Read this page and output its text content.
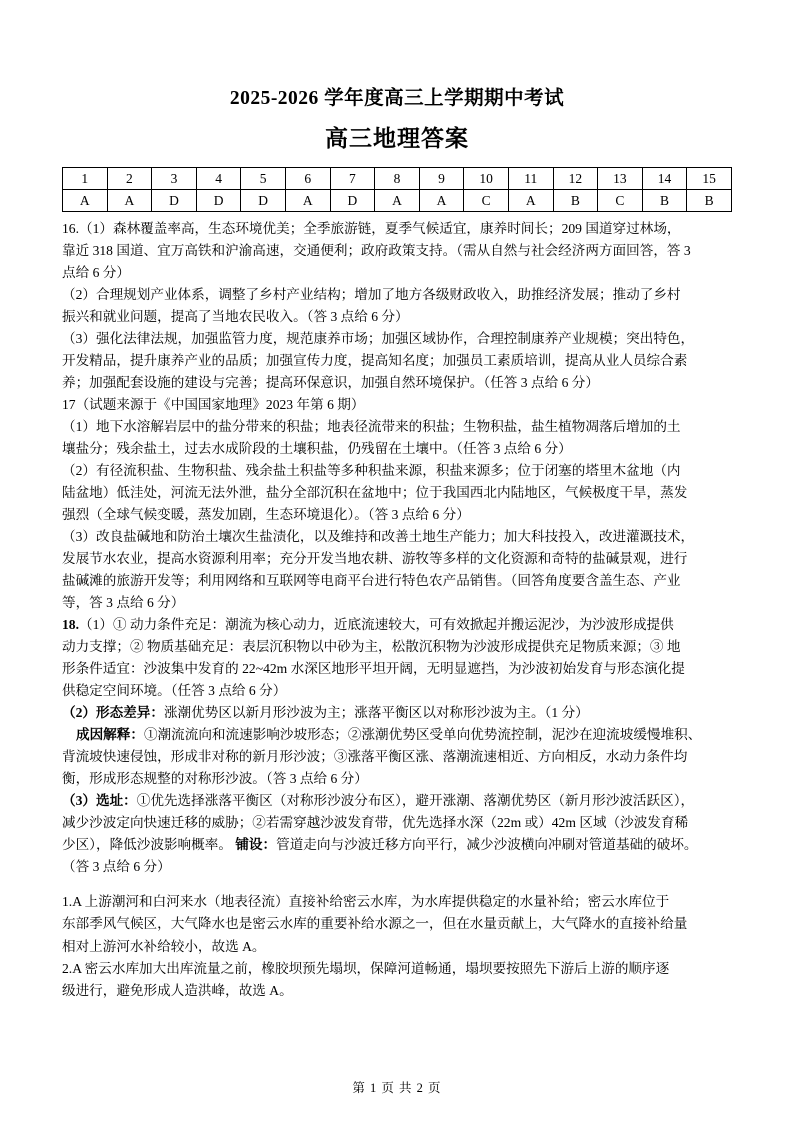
2025-2026 学年度高三上学期期中考试
高三地理答案
1	2	3	4	5	6	7	8	9	10	11	12	13	14	15
A	A	D	D	D	A	D	A	A	C	A	B	C	B	B

16.（1）森林覆盖率高，生态环境优美；全季旅游链，夏季气候适宜，康养时间长；209 国道穿过林场，

靠近 318 国道、宜万高铁和沪渝高速，交通便利；政府政策支持。（需从自然与社会经济两方面回答，答 3

点给 6 分）

（2）合理规划产业体系，调整了乡村产业结构；增加了地方各级财政收入，助推经济发展；推动了乡村

振兴和就业问题，提高了当地农民收入。（答 3 点给 6 分）

（3）强化法律法规，加强监管力度，规范康养市场；加强区域协作，合理控制康养产业规模；突出特色，

开发精品，提升康养产业的品质；加强宣传力度，提高知名度；加强员工素质培训，提高从业人员综合素

养；加强配套设施的建设与完善；提高环保意识，加强自然环境保护。（任答 3 点给 6 分）

17（试题来源于《中国国家地理》2023 年第 6 期）

（1）地下水溶解岩层中的盐分带来的积盐；地表径流带来的积盐；生物积盐，盐生植物凋落后增加的土

壤盐分；残余盐土，过去水成阶段的土壤积盐，仍残留在土壤中。（任答 3 点给 6 分）

（2）有径流积盐、生物积盐、残余盐土积盐等多种积盐来源，积盐来源多；位于闭塞的塔里木盆地（内

陆盆地）低洼处，河流无法外泄，盐分全部沉积在盆地中；位于我国西北内陆地区，气候极度干旱，蒸发

强烈（全球气候变暖，蒸发加剧，生态环境退化）。（答 3 点给 6 分）

（3）改良盐碱地和防治土壤次生盐渍化，以及维持和改善土地生产能力；加大科技投入，改进灌溉技术，

发展节水农业，提高水资源利用率；充分开发当地农耕、游牧等多样的文化资源和奇特的盐碱景观，进行

盐碱滩的旅游开发等；利用网络和互联网等电商平台进行特色农产品销售。（回答角度要含盖生态、产业

等，答 3 点给 6 分）

18.（1）① 动力条件充足：潮流为核心动力，近底流速较大，可有效掀起并搬运泥沙，为沙波形成提供

动力支撑；② 物质基础充足：表层沉积物以中砂为主，松散沉积物为沙波形成提供充足物质来源；③ 地

形条件适宜：沙波集中发育的 22~42m 水深区地形平坦开阔，无明显遮挡，为沙波初始发育与形态演化提

供稳定空间环境。（任答 3 点给 6 分）

（2）形态差异：涨潮优势区以新月形沙波为主；涨落平衡区以对称形沙波为主。（1 分）

成因解释：①潮流流向和流速影响沙坡形态；②涨潮优势区受单向优势流控制，泥沙在迎流坡缓慢堆积、

背流坡快速侵蚀，形成非对称的新月形沙波；③涨落平衡区涨、落潮流速相近、方向相反，水动力条件均

衡，形成形态规整的对称形沙波。（答 3 点给 6 分）

（3）选址：①优先选择涨落平衡区（对称形沙波分布区），避开涨潮、落潮优势区（新月形沙波活跃区），

减少沙波定向快速迁移的威胁；②若需穿越沙波发育带，优先选择水深（22m 或）42m 区域（沙波发育稀

少区），降低沙波影响概率。 铺设：管道走向与沙波迁移方向平行，减少沙波横向冲刷对管道基础的破坏。

（答 3 点给 6 分）

1.A 上游潮河和白河来水（地表径流）直接补给密云水库，为水库提供稳定的水量补给；密云水库位于

东部季风气候区，大气降水也是密云水库的重要补给水源之一，但在水量贡献上，大气降水的直接补给量

相对上游河水补给较小，故选 A。

2.A 密云水库加大出库流量之前，橡胶坝预先塌坝，保障河道畅通，塌坝要按照先下游后上游的顺序逐

级进行，避免形成人造洪峰，故选 A。

第 1 页 共 2 页
